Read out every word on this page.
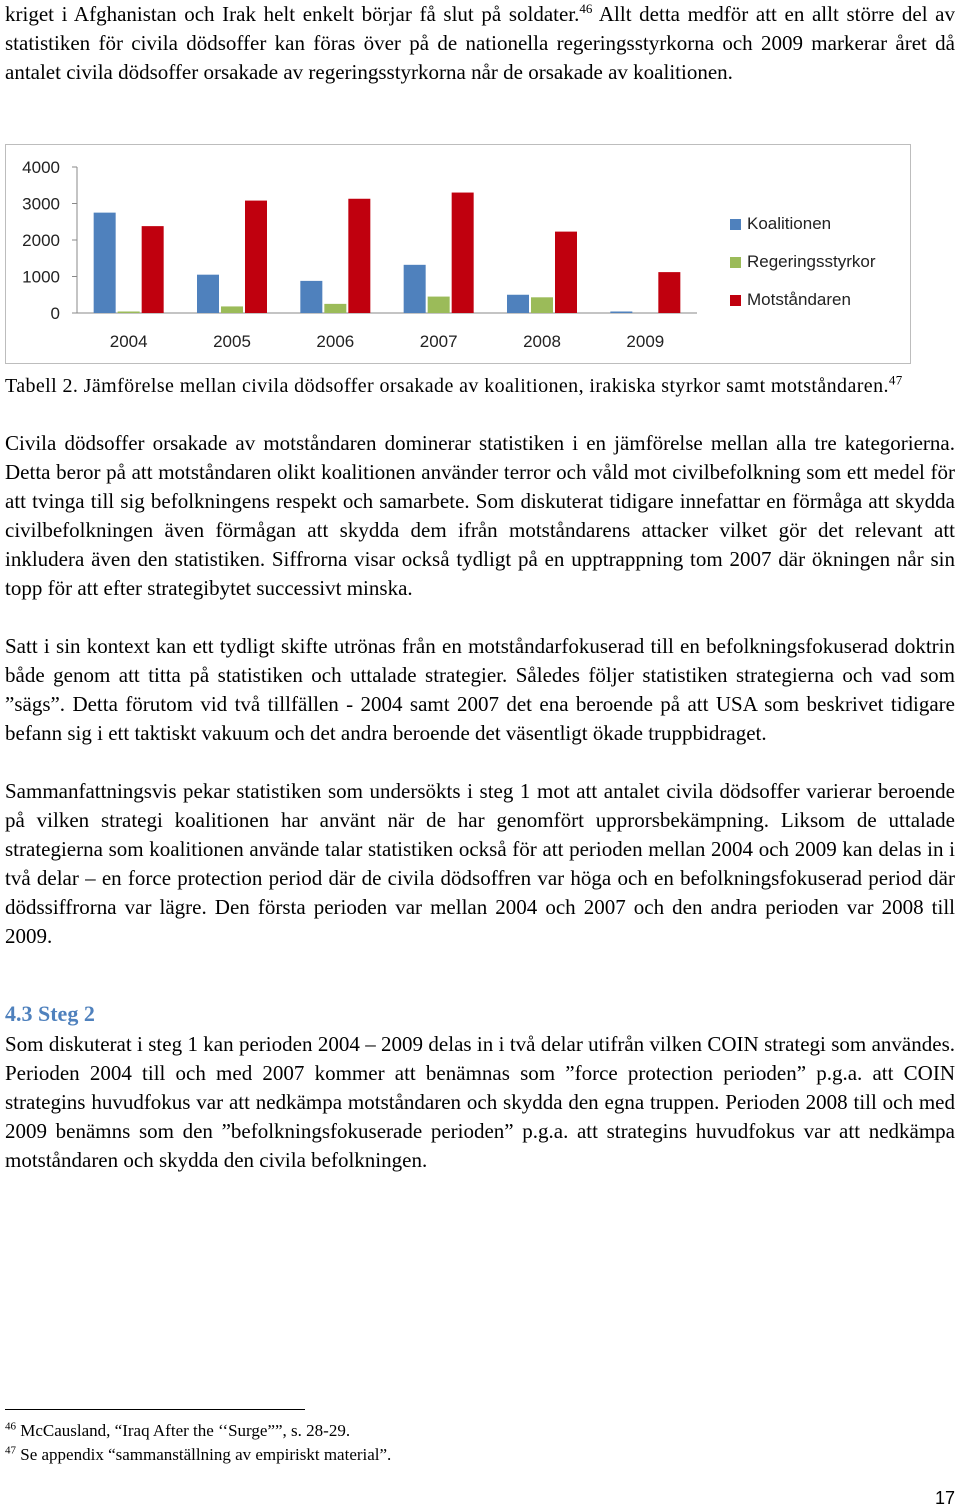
kriget i Afghanistan och Irak helt enkelt börjar få slut på soldater.$^{46}$ Allt detta medför att en allt större del av statistiken för civila dödsoffer kan föras över på de nationella regeringsstyrkorna och 2009 markerar året då antalet civila dödsoffer orsakade av regeringsstyrkorna når de orsakade av koalitionen.

0
1000
2000
3000
4000
2004	2005	2006	2007	2008	2009
Koalitionen
Regeringsstyrkor
Motståndaren
Tabell 2. Jämförelse mellan civila dödsoffer orsakade av koalitionen, irakiska styrkor samt motståndaren.$^{47}$

Civila dödsoffer orsakade av motståndaren dominerar statistiken i en jämförelse mellan alla tre kategorierna. Detta beror på att motståndaren olikt koalitionen använder terror och våld mot civilbefolkning som ett medel för att tvinga till sig befolkningens respekt och samarbete. Som diskuterat tidigare innefattar en förmåga att skydda civilbefolkningen även förmågan att skydda dem ifrån motståndarens attacker vilket gör det relevant att inkludera även den statistiken. Siffrorna visar också tydligt på en upptrappning tom 2007 där ökningen når sin topp för att efter strategibytet successivt minska.

Satt i sin kontext kan ett tydligt skifte utrönas från en motståndarfokuserad till en befolkningsfokuserad doktrin både genom att titta på statistiken och uttalade strategier. Således följer statistiken strategierna och vad som ”sägs”. Detta förutom vid två tillfällen - 2004 samt 2007 det ena beroende på att USA som beskrivet tidigare befann sig i ett taktiskt vakuum och det andra beroende det väsentligt ökade truppbidraget.

Sammanfattningsvis pekar statistiken som undersökts i steg 1 mot att antalet civila dödsoffer varierar beroende på vilken strategi koalitionen har använt när de har genomfört upprorsbekämpning. Liksom de uttalade strategierna som koalitionen använde talar statistiken också för att perioden mellan 2004 och 2009 kan delas in i två delar – en force protection period där de civila dödsoffren var höga och en befolkningsfokuserad period där dödssiffrorna var lägre. Den första perioden var mellan 2004 och 2007 och den andra perioden var 2008 till 2009.

4.3 Steg 2

Som diskuterat i steg 1 kan perioden 2004 – 2009 delas in i två delar utifrån vilken COIN strategi som användes. Perioden 2004 till och med 2007 kommer att benämnas som ”force protection perioden” p.g.a. att COIN strategins huvudfokus var att nedkämpa motståndaren och skydda den egna truppen. Perioden 2008 till och med 2009 benämns som den ”befolkningsfokuserade perioden” p.g.a. att strategins huvudfokus var att nedkämpa motståndaren och skydda den civila befolkningen.

$^{46}$ McCausland, “Iraq After the ‘‘Surge””, s. 28-29.
$^{47}$ Se appendix “sammanställning av empiriskt material”.
17
